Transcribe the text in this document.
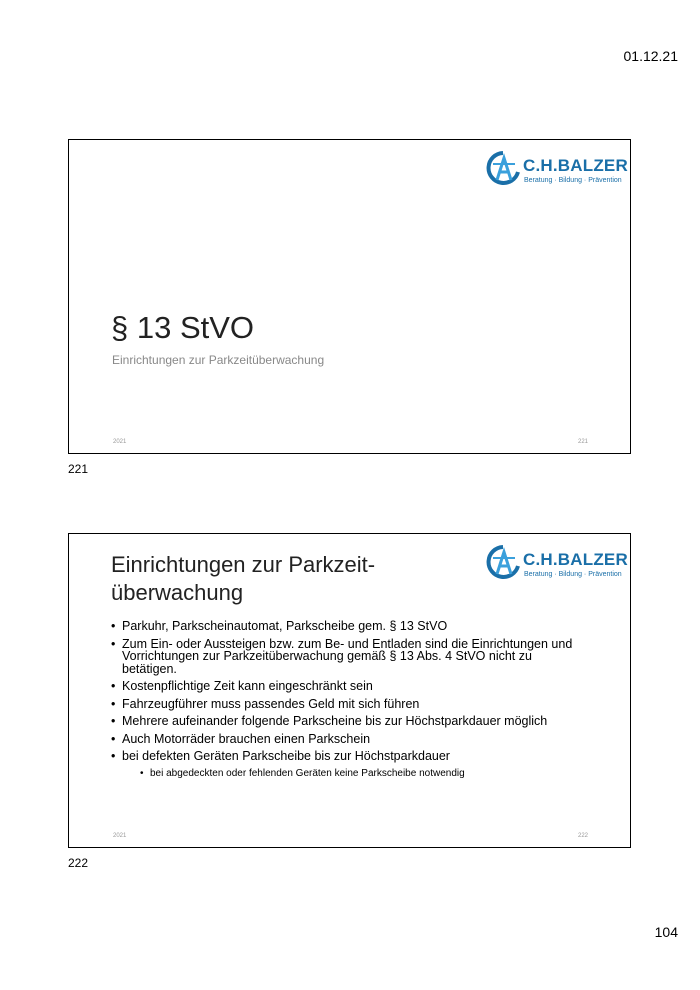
01.12.21
C.H.BALZER
Beratung · Bildung · Prävention
§ 13 StVO
Einrichtungen zur Parkzeitüberwachung
2021	221
221
C.H.BALZER
Beratung · Bildung · Prävention
Einrichtungen zur Parkzeit-
überwachung
• Parkuhr, Parkscheinautomat, Parkscheibe gem. § 13 StVO
• Zum Ein- oder Aussteigen bzw. zum Be- und Entladen sind die Einrichtungen und Vorrichtungen zur Parkzeitüberwachung gemäß § 13 Abs. 4 StVO nicht zu betätigen.
• Kostenpflichtige Zeit kann eingeschränkt sein
• Fahrzeugführer muss passendes Geld mit sich führen
• Mehrere aufeinander folgende Parkscheine bis zur Höchstparkdauer möglich
• Auch Motorräder brauchen einen Parkschein
• bei defekten Geräten Parkscheibe bis zur Höchstparkdauer
• bei abgedeckten oder fehlenden Geräten keine Parkscheibe notwendig
2021	222
222
104
